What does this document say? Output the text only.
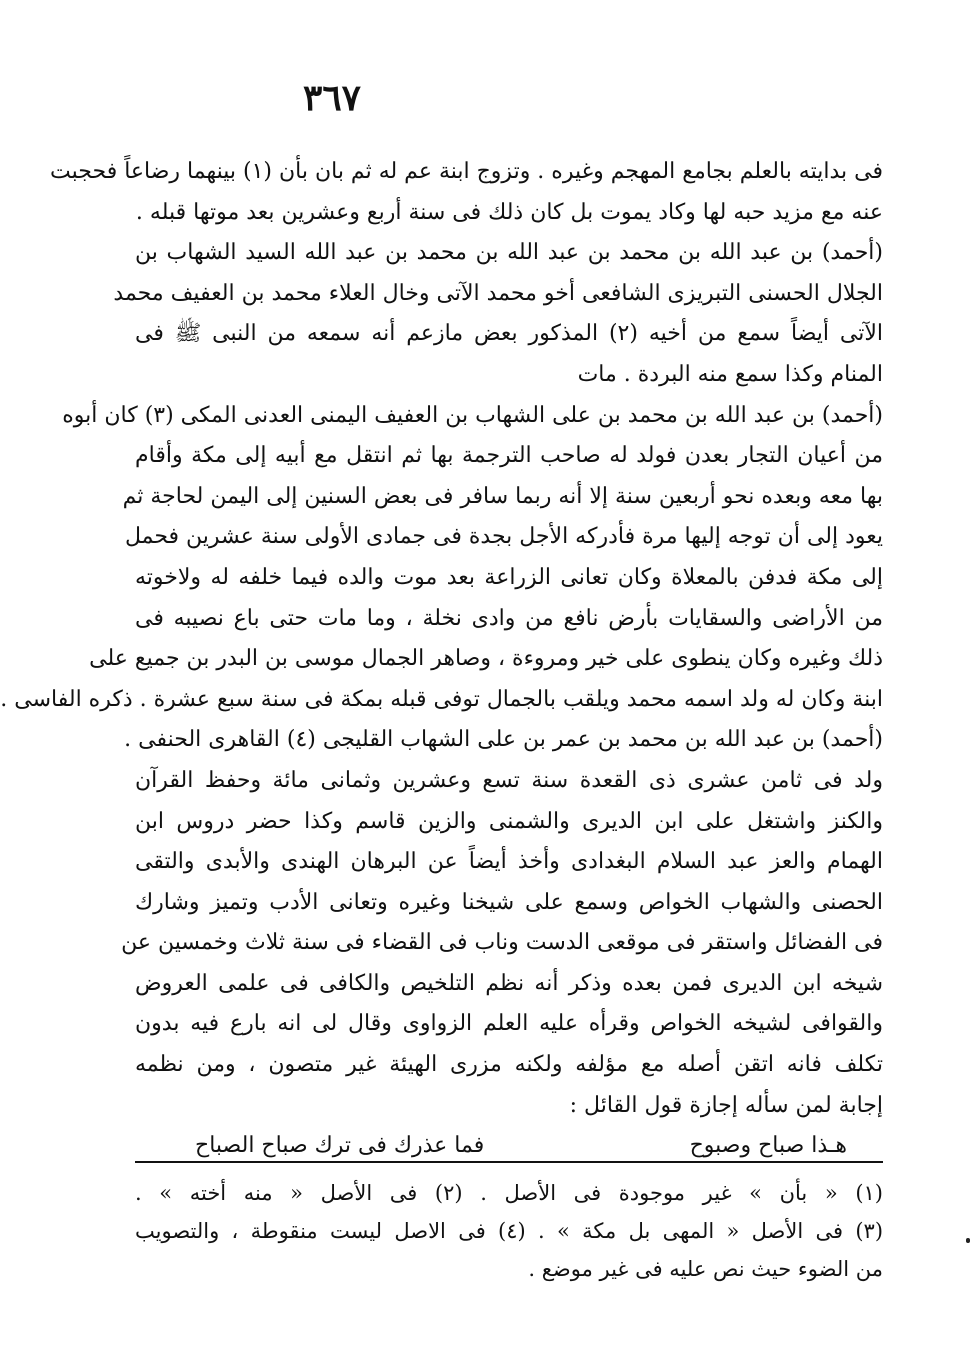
٣٦٧
فى بدايته بالعلم بجامع المهجم وغيره . وتزوج ابنة عم له ثم بان بأن (١) بينهما رضاعاً فحجبت
عنه مع مزيد حبه لها وكاد يموت بل كان ذلك فى سنة أربع وعشرين بعد موتها قبله .
(أحمد) بن عبد الله بن محمد بن عبد الله بن محمد بن عبد الله السيد الشهاب بن
الجلال الحسنى التبريزى الشافعى أخو محمد الآتى وخال العلاء محمد بن العفيف محمد
الآتى أيضاً سمع من أخيه (٢) المذكور بعض مازعم أنه سمعه من النبى ﷺ فى
المنام وكذا سمع منه البردة . مات
(أحمد) بن عبد الله بن محمد بن على الشهاب بن العفيف اليمنى العدنى المكى (٣) كان أبوه
من أعيان التجار بعدن فولد له صاحب الترجمة بها ثم انتقل مع أبيه إلى مكة وأقام
بها معه وبعده نحو أربعين سنة إلا أنه ربما سافر فى بعض السنين إلى اليمن لحاجة ثم
يعود إلى أن توجه إليها مرة فأدركه الأجل بجدة فى جمادى الأولى سنة عشرين فحمل
إلى مكة فدفن بالمعلاة وكان تعانى الزراعة بعد موت والده فيما خلفه له ولاخوته
من الأراضى والسقايات بأرض نافع من وادى نخلة ، وما مات حتى باع نصيبه فى
ذلك وغيره وكان ينطوى على خير ومروءة ، وصاهر الجمال موسى بن البدر بن جميع على
ابنة وكان له ولد اسمه محمد ويلقب بالجمال توفى قبله بمكة فى سنة سبع عشرة . ذكره الفاسى .
(أحمد) بن عبد الله بن محمد بن عمر بن على الشهاب القليجى (٤) القاهرى الحنفى .
ولد فى ثامن عشرى ذى القعدة سنة تسع وعشرين وثمانى مائة وحفظ القرآن
والكنز واشتغل على ابن الديرى والشمنى والزين قاسم وكذا حضر دروس ابن
الهمام والعز عبد السلام البغدادى وأخذ أيضاً عن البرهان الهندى والأبدى والتقى
الحصنى والشهاب الخواص وسمع على شيخنا وغيره وتعانى الأدب وتميز وشارك
فى الفضائل واستقر فى موقعى الدست وناب فى القضاء فى سنة ثلاث وخمسين عن
شيخه ابن الديرى فمن بعده وذكر أنه نظم التلخيص والكافى فى علمى العروض
والقوافى لشيخه الخواص وقرأه عليه العلم الزواوى وقال لى انه بارع فيه بدون
تكلف فانه اتقن أصله مع مؤلفه ولكنه مزرى الهيئة غير متصون ، ومن نظمه
إجابة لمن سأله إجازة قول القائل :
هـذا صباح وصبوح
فما عذرك فى ترك صباح الصباح
(١) « بأن » غير موجودة فى الأصل . (٢) فى الأصل « منه أخته » .
(٣) فى الأصل « المهى بل مكة » . (٤) فى الاصل ليست منقوطة ، والتصويب
من الضوء حيث نص عليه فى غير موضع .
